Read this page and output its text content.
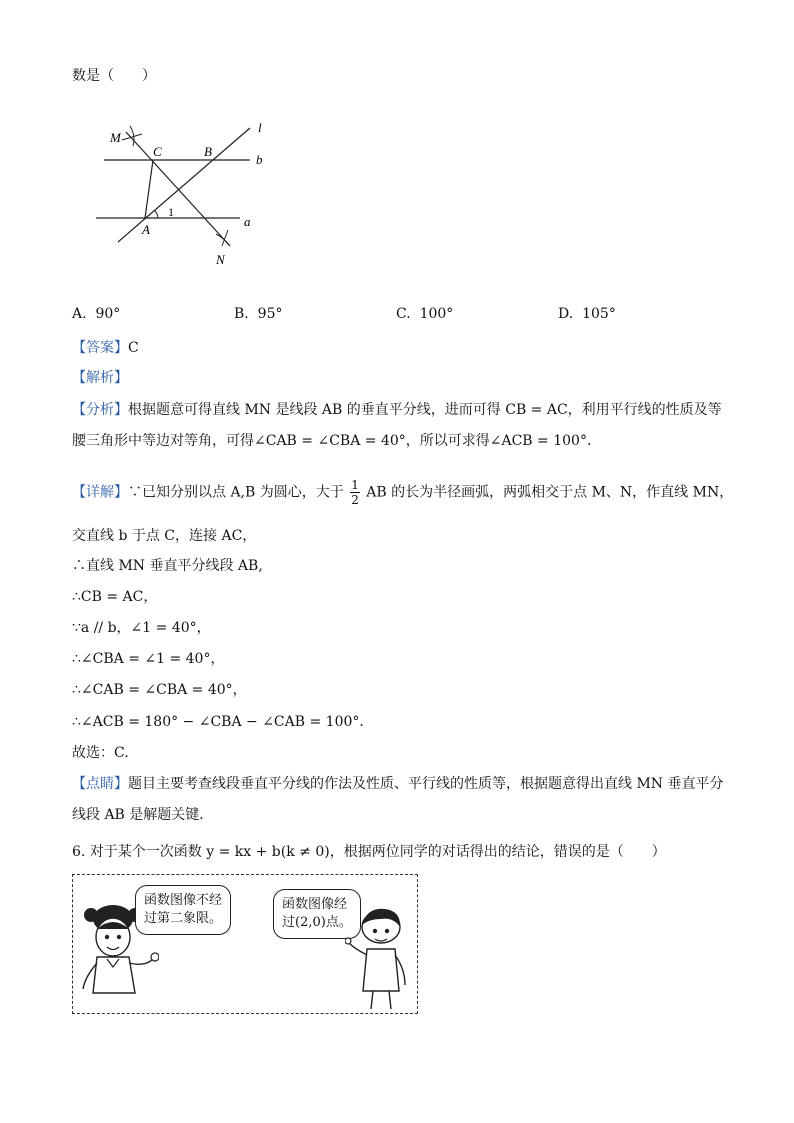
数是（　　）
M
C	B
b
l
1
A
a
N
A. 90°	B. 95°	C. 100°	D. 105°
【答案】C
【解析】
【分析】根据题意可得直线 MN 是线段 AB 的垂直平分线，进而可得 CB = AC，利用平行线的性质及等
腰三角形中等边对等角，可得∠CAB = ∠CBA = 40°，所以可求得∠ACB = 100°．
【详解】∵已知分别以点 A,B 为圆心，大于 $\frac{1}{2}$ AB 的长为半径画弧，两弧相交于点 M、N，作直线 MN，
交直线 b 于点 C，连接 AC，
∴直线 MN 垂直平分线段 AB,
∴CB = AC，
∵a // b，∠1 = 40°，
∴∠CBA = ∠1 = 40°，
∴∠CAB = ∠CBA = 40°，
∴∠ACB = 180° − ∠CBA − ∠CAB = 100°．
故选：C.
【点睛】题目主要考查线段垂直平分线的作法及性质、平行线的性质等，根据题意得出直线 MN 垂直平分
线段 AB 是解题关键．
6. 对于某个一次函数 y = kx + b(k ≠ 0)，根据两位同学的对话得出的结论，错误的是（　　）
函数图像不经
过第二象限。
函数图像经
过(2,0)点。
